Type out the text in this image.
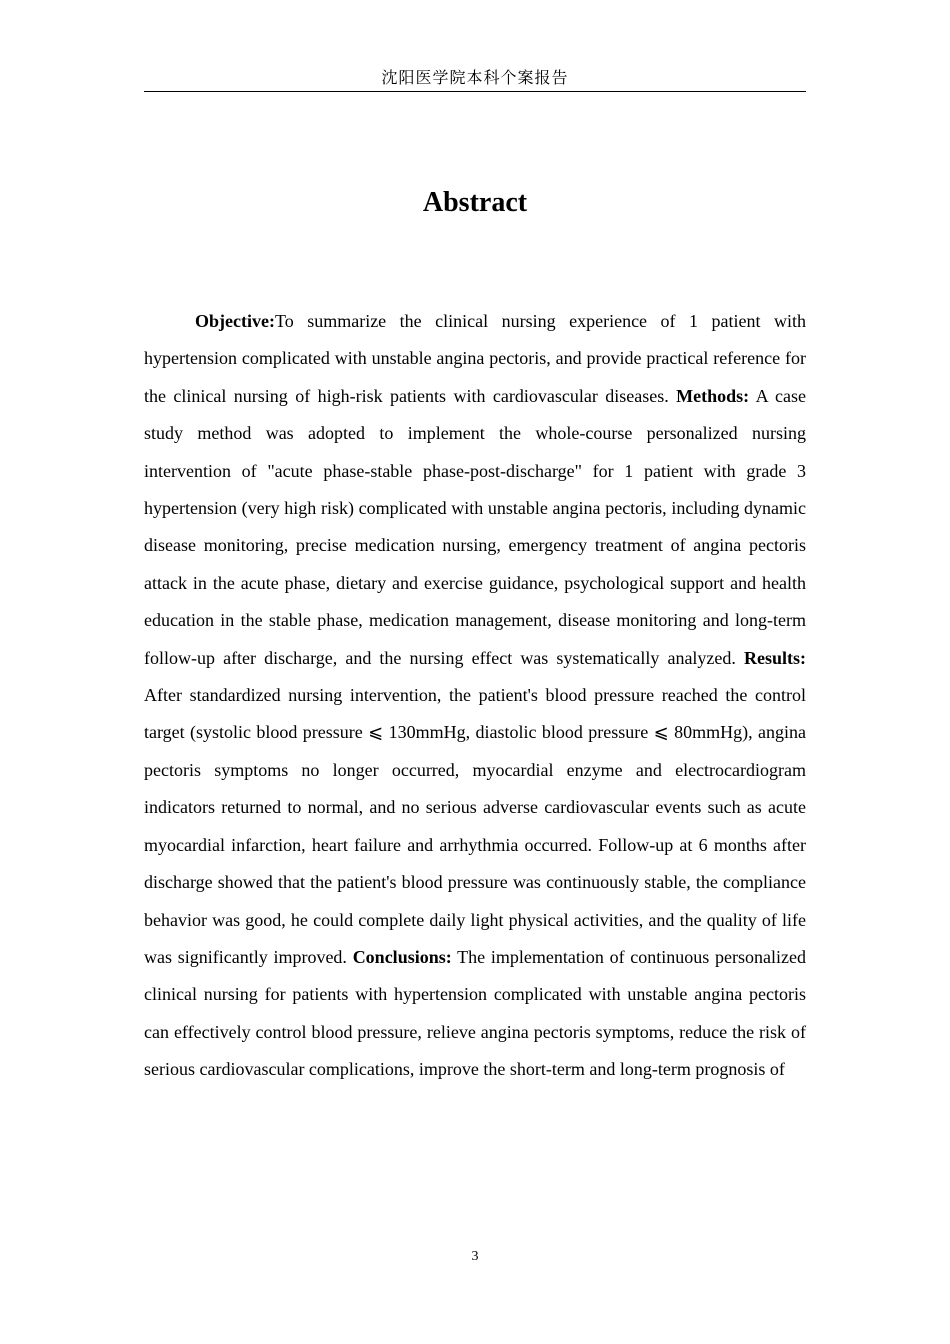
沈阳医学院本科个案报告
Abstract

Objective:To summarize the clinical nursing experience of 1 patient with hypertension complicated with unstable angina pectoris, and provide practical reference for the clinical nursing of high-risk patients with cardiovascular diseases. Methods: A case study method was adopted to implement the whole-course personalized nursing intervention of "acute phase-stable phase-post-discharge" for 1 patient with grade 3 hypertension (very high risk) complicated with unstable angina pectoris, including dynamic disease monitoring, precise medication nursing, emergency treatment of angina pectoris attack in the acute phase, dietary and exercise guidance, psychological support and health education in the stable phase, medication management, disease monitoring and long-term follow-up after discharge, and the nursing effect was systematically analyzed. Results: After standardized nursing intervention, the patient's blood pressure reached the control target (systolic blood pressure ⩽ 130mmHg, diastolic blood pressure ⩽ 80mmHg), angina pectoris symptoms no longer occurred, myocardial enzyme and electrocardiogram indicators returned to normal, and no serious adverse cardiovascular events such as acute myocardial infarction, heart failure and arrhythmia occurred. Follow-up at 6 months after discharge showed that the patient's blood pressure was continuously stable, the compliance behavior was good, he could complete daily light physical activities, and the quality of life was significantly improved. Conclusions: The implementation of continuous personalized clinical nursing for patients with hypertension complicated with unstable angina pectoris can effectively control blood pressure, relieve angina pectoris symptoms, reduce the risk of serious cardiovascular complications, improve the short-term and long-term prognosis of

3
